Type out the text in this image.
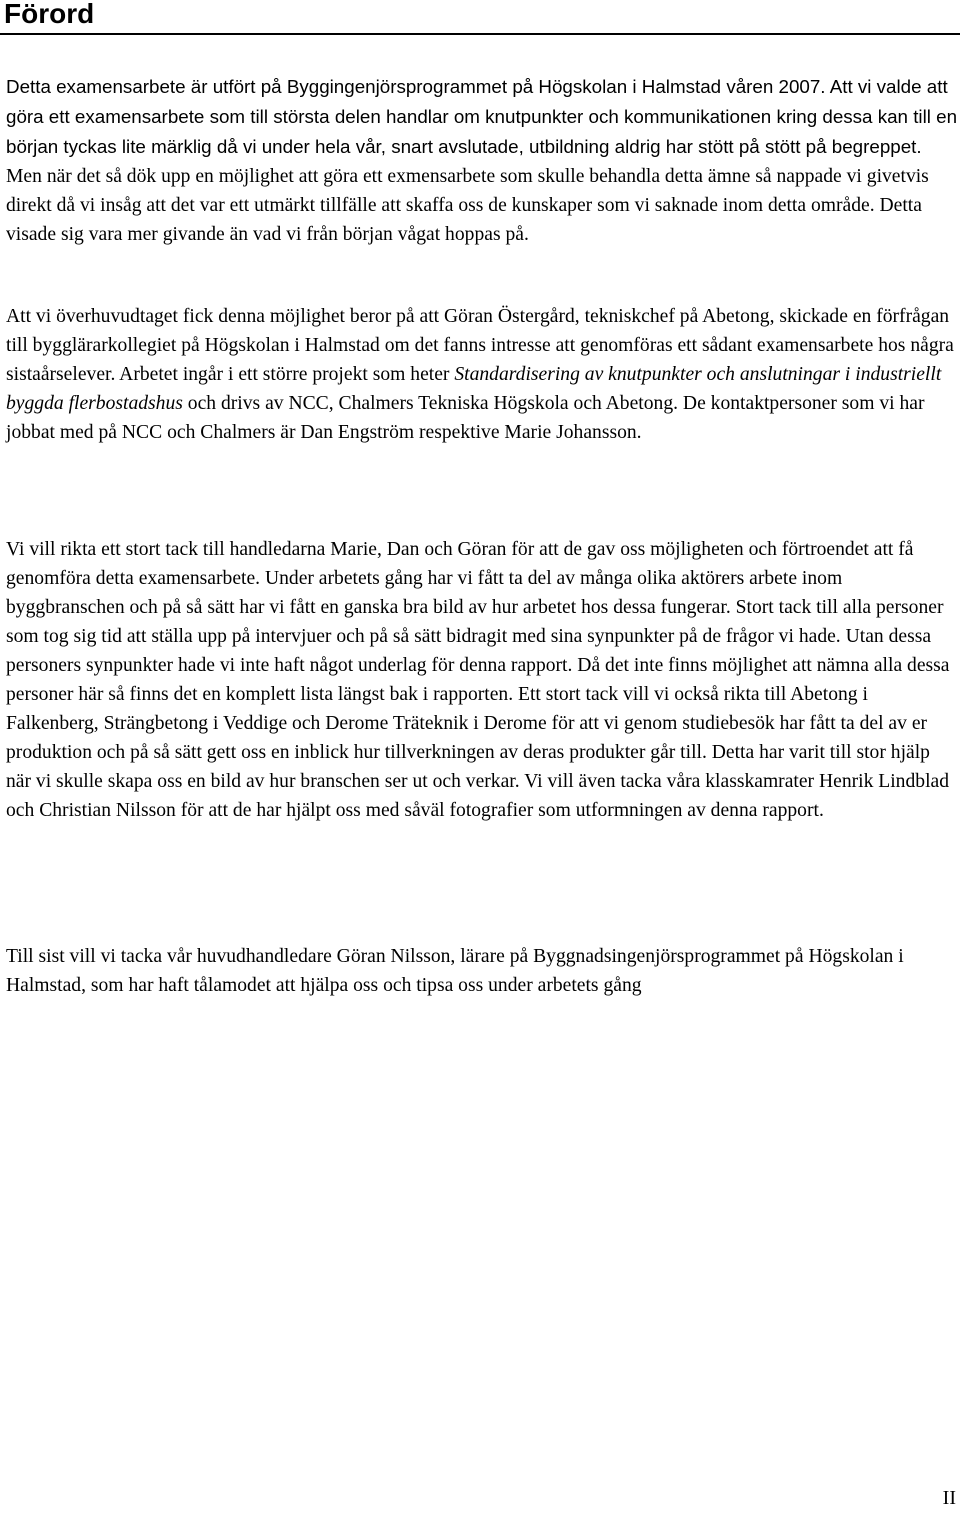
Förord

Detta examensarbete är utfört på Byggingenjörsprogrammet på Högskolan i Halmstad våren 2007. Att vi valde att göra ett examensarbete som till största delen handlar om knutpunkter och kommunikationen kring dessa kan till en början tyckas lite märklig då vi under hela vår, snart avslutade, utbildning aldrig har stött på stött på begreppet. Men när det så dök upp en möjlighet att göra ett exmensarbete som skulle behandla detta ämne så nappade vi givetvis direkt då vi insåg att det var ett utmärkt tillfälle att skaffa oss de kunskaper som vi saknade inom detta område. Detta visade sig vara mer givande än vad vi från början vågat hoppas på.

Att vi överhuvudtaget fick denna möjlighet beror på att Göran Östergård, tekniskchef på Abetong, skickade en förfrågan till bygglärarkollegiet på Högskolan i Halmstad om det fanns intresse att genomföras ett sådant examensarbete hos några sistaårselever. Arbetet ingår i ett större projekt som heter Standardisering av knutpunkter och anslutningar i industriellt byggda flerbostadshus och drivs av NCC, Chalmers Tekniska Högskola och Abetong. De kontaktpersoner som vi har jobbat med på NCC och Chalmers är Dan Engström respektive Marie Johansson.

Vi vill rikta ett stort tack till handledarna Marie, Dan och Göran för att de gav oss möjligheten och förtroendet att få genomföra detta examensarbete. Under arbetets gång har vi fått ta del av många olika aktörers arbete inom byggbranschen och på så sätt har vi fått en ganska bra bild av hur arbetet hos dessa fungerar. Stort tack till alla personer som tog sig tid att ställa upp på intervjuer och på så sätt bidragit med sina synpunkter på de frågor vi hade. Utan dessa personers synpunkter hade vi inte haft något underlag för denna rapport. Då det inte finns möjlighet att nämna alla dessa personer här så finns det en komplett lista längst bak i rapporten. Ett stort tack vill vi också rikta till Abetong i Falkenberg, Strängbetong i Veddige och Derome Träteknik i Derome för att vi genom studiebesök har fått ta del av er produktion och på så sätt gett oss en inblick hur tillverkningen av deras produkter går till. Detta har varit till stor hjälp när vi skulle skapa oss en bild av hur branschen ser ut och verkar. Vi vill även tacka våra klasskamrater Henrik Lindblad och Christian Nilsson för att de har hjälpt oss med såväl fotografier som utformningen av denna rapport.

Till sist vill vi tacka vår huvudhandledare Göran Nilsson, lärare på Byggnadsingenjörsprogrammet på Högskolan i Halmstad, som har haft tålamodet att hjälpa oss och tipsa oss under arbetets gång

II
